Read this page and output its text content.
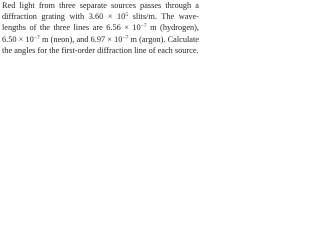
Red light from three separate sources passes through a
diffraction grating with $3.60 \times 10^5$ slits/m. The wave-
lengths of the three lines are $6.56 \times 10^{-7}$ m (hydrogen),
$6.50 \times 10^{-7}$ m (neon), and $6.97 \times 10^{-7}$ m (argon). Calculate
the angles for the first-order diffraction line of each source.
